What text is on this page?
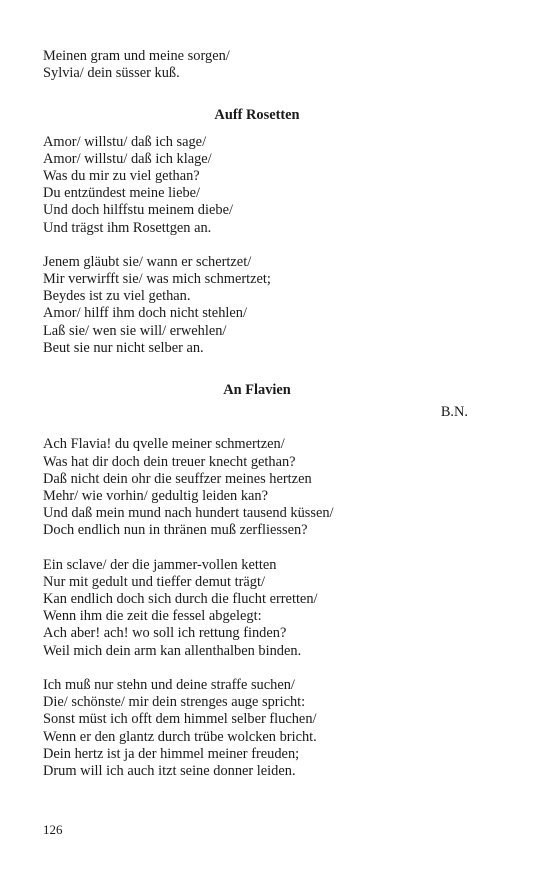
Meinen gram und meine sorgen/
Sylvia/ dein süsser kuß.
Auff Rosetten
Amor/ willstu/ daß ich sage/
Amor/ willstu/ daß ich klage/
Was du mir zu viel gethan?
Du entzündest meine liebe/
Und doch hilffstu meinem diebe/
Und trägst ihm Rosettgen an.
Jenem gläubt sie/ wann er schertzet/
Mir verwirfft sie/ was mich schmertzet;
Beydes ist zu viel gethan.
Amor/ hilff ihm doch nicht stehlen/
Laß sie/ wen sie will/ erwehlen/
Beut sie nur nicht selber an.
An Flavien
B.N.
Ach Flavia! du qvelle meiner schmertzen/
Was hat dir doch dein treuer knecht gethan?
Daß nicht dein ohr die seuffzer meines hertzen
Mehr/ wie vorhin/ gedultig leiden kan?
Und daß mein mund nach hundert tausend küssen/
Doch endlich nun in thränen muß zerfliessen?
Ein sclave/ der die jammer-vollen ketten
Nur mit gedult und tieffer demut trägt/
Kan endlich doch sich durch die flucht erretten/
Wenn ihm die zeit die fessel abgelegt:
Ach aber! ach! wo soll ich rettung finden?
Weil mich dein arm kan allenthalben binden.
Ich muß nur stehn und deine straffe suchen/
Die/ schönste/ mir dein strenges auge spricht:
Sonst müst ich offt dem himmel selber fluchen/
Wenn er den glantz durch trübe wolcken bricht.
Dein hertz ist ja der himmel meiner freuden;
Drum will ich auch itzt seine donner leiden.
126
